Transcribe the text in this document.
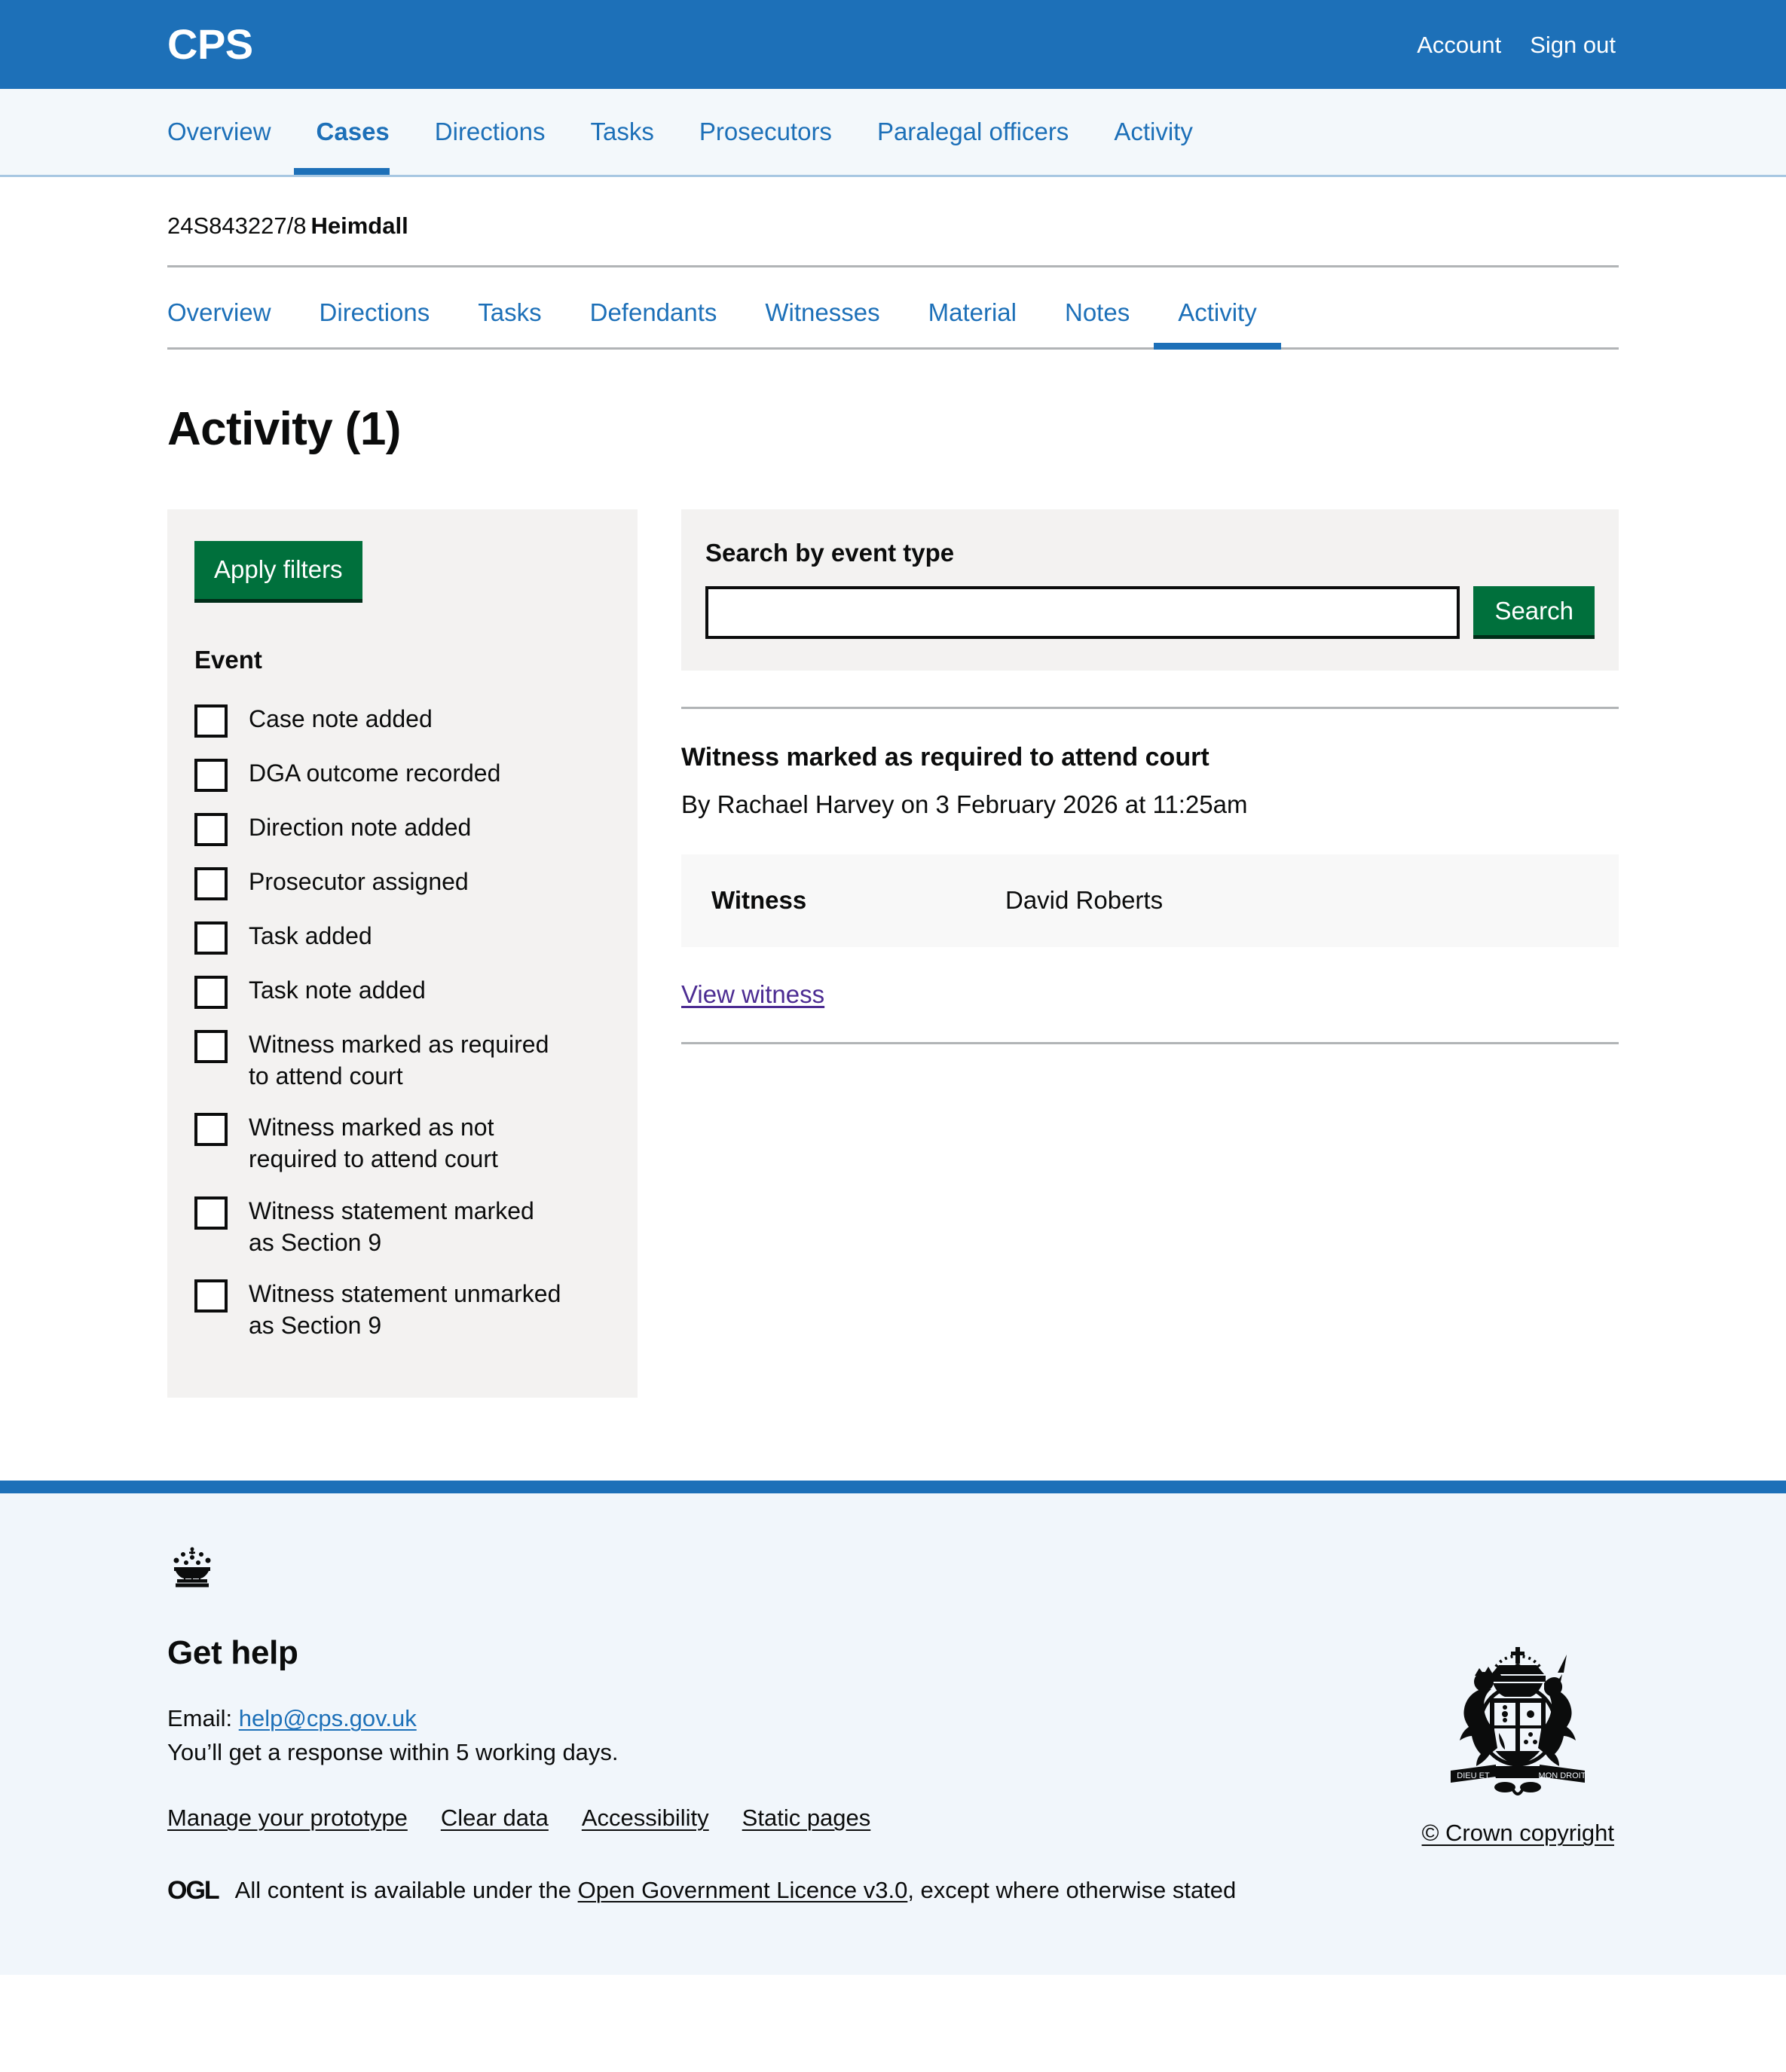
CPS	Account Sign out
Overview	Cases	Directions	Tasks	Prosecutors	Paralegal officers	Activity
24S843227/8 Heimdall
Overview	Directions	Tasks	Defendants	Witnesses	Material	Notes	Activity
Activity (1)
Apply filters
Event
Case note added
DGA outcome recorded
Direction note added
Prosecutor assigned
Task added
Task note added
Witness marked as required to attend court
Witness marked as not required to attend court
Witness statement marked as Section 9
Witness statement unmarked as Section 9
Search by event type
Search
Witness marked as required to attend court

By Rachael Harvey on 3 February 2026 at 11:25am

Witness	David Roberts
View witness
Get help

Email: help@cps.gov.uk
You’ll get a response within 5 working days.

Manage your prototype Clear data Accessibility Static pages
OGL All content is available under the Open Government Licence v3.0, except where otherwise stated
DIEU ET	MON DROIT
© Crown copyright
